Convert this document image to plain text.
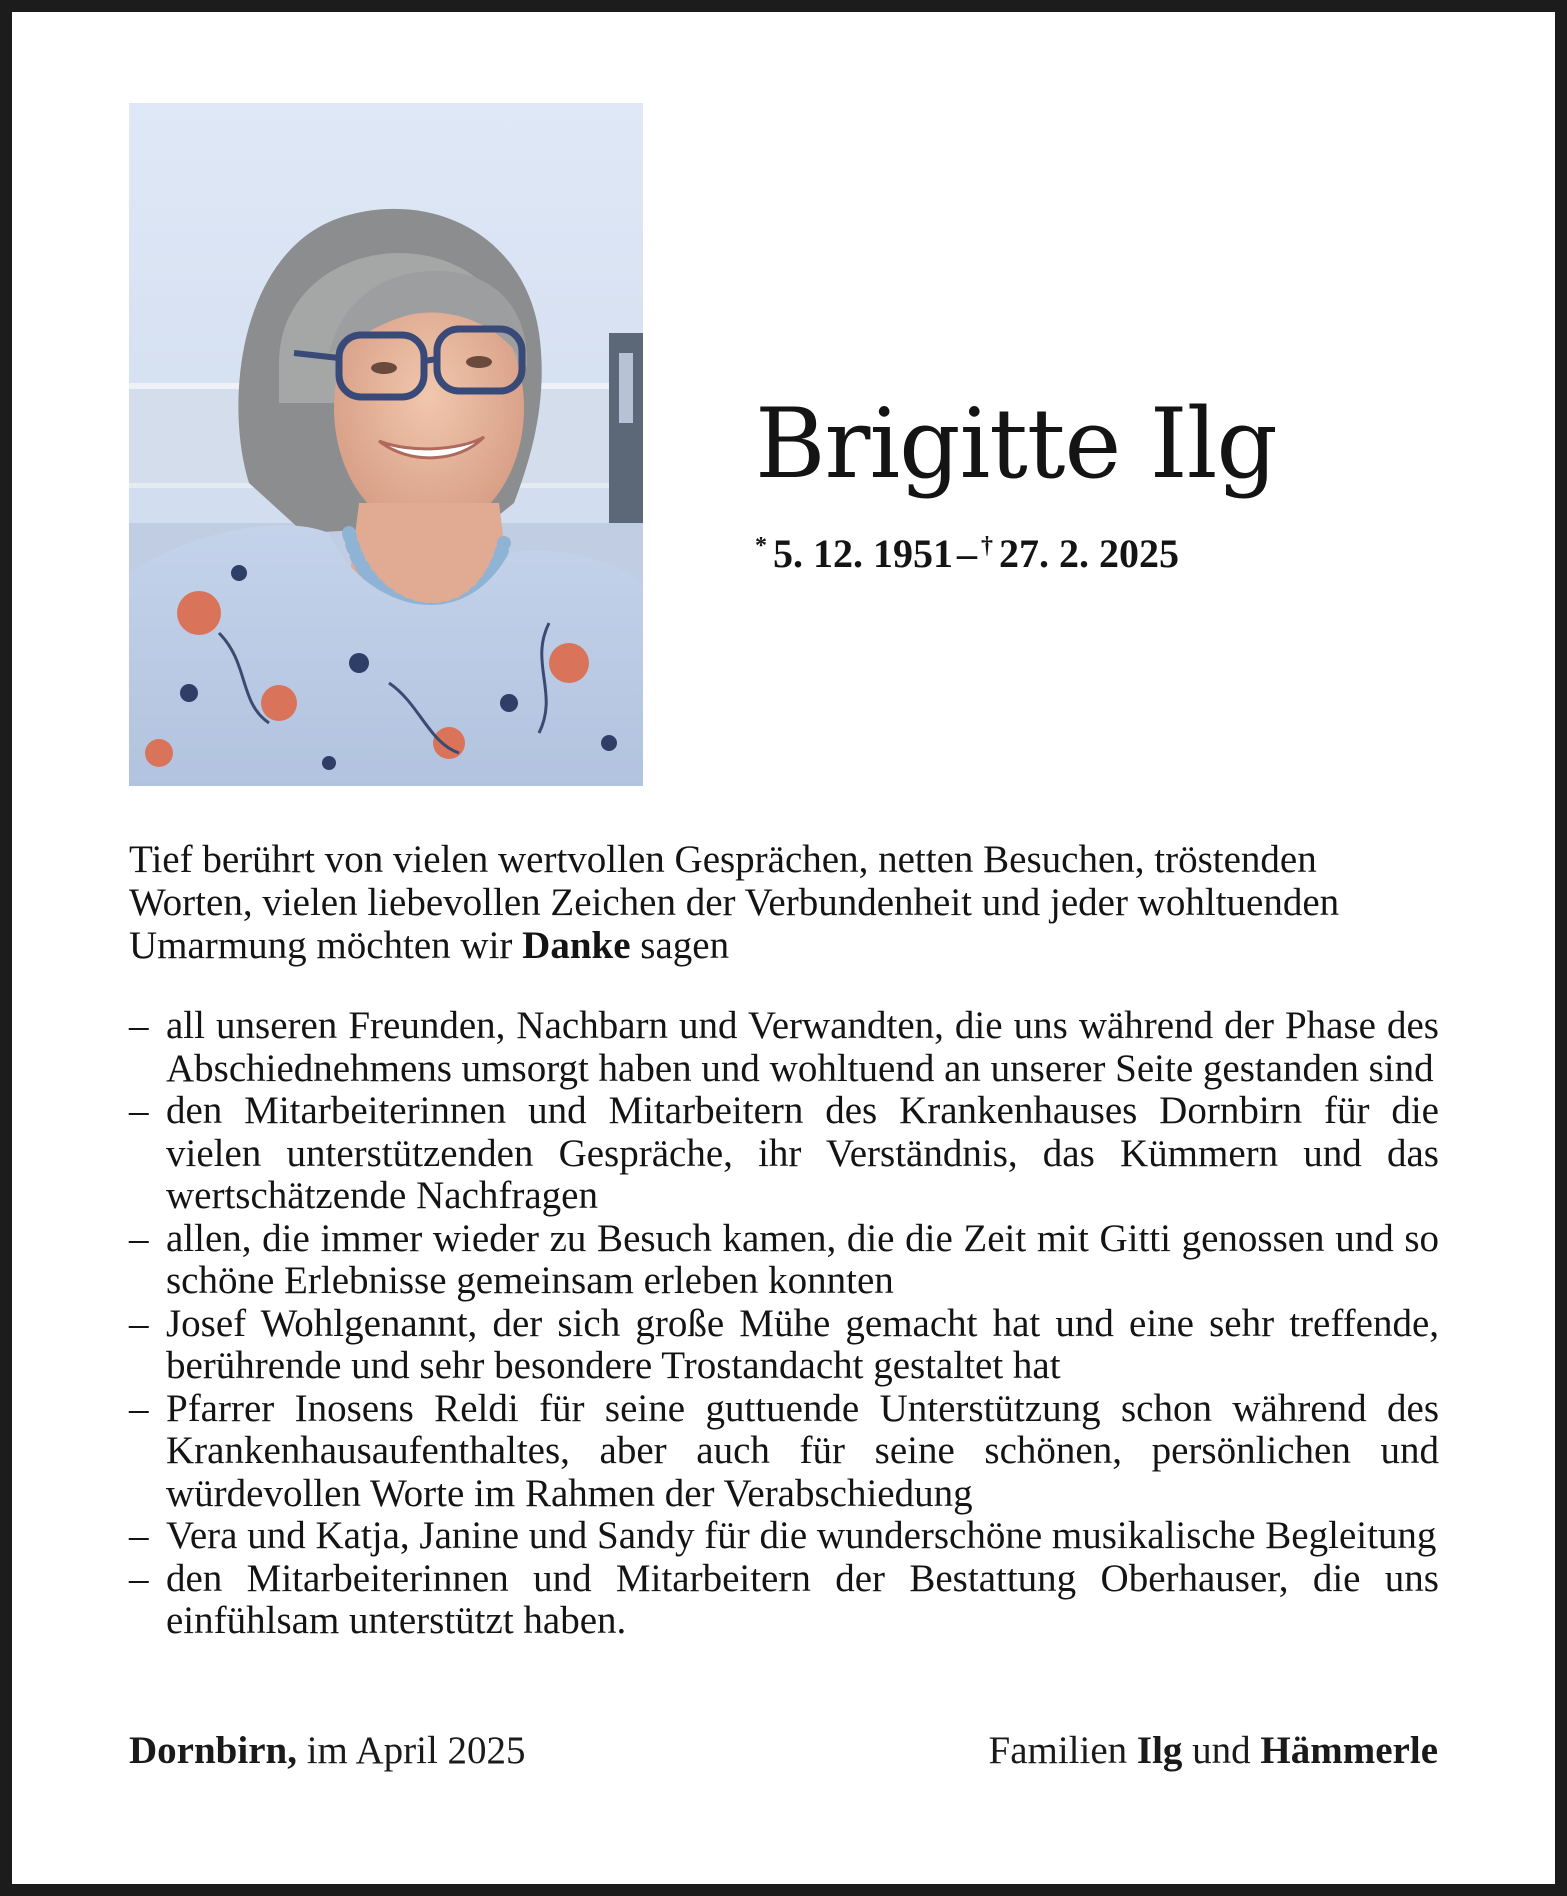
Brigitte Ilg
* 5. 12. 1951 – † 27. 2. 2025

Tief berührt von vielen wertvollen Gesprächen, netten Besuchen, tröstenden Worten, vielen liebevollen Zeichen der Verbundenheit und jeder wohltuenden Umarmung möchten wir Danke sagen

– all unseren Freunden, Nachbarn und Verwandten, die uns während der Phase des Abschiednehmens umsorgt haben und wohltuend an unserer Seite gestanden sind
– den Mitarbeiterinnen und Mitarbeitern des Krankenhauses Dornbirn für die vielen unterstützenden Gespräche, ihr Verständnis, das Kümmern und das wertschätzende Nachfragen
– allen, die immer wieder zu Besuch kamen, die die Zeit mit Gitti genossen und so schöne Erlebnisse gemeinsam erleben konnten
– Josef Wohlgenannt, der sich große Mühe gemacht hat und eine sehr treffende, berührende und sehr besondere Trostandacht gestaltet hat
– Pfarrer Inosens Reldi für seine guttuende Unterstützung schon während des Krankenhausaufenthaltes, aber auch für seine schönen, persönlichen und würdevollen Worte im Rahmen der Verabschiedung
– Vera und Katja, Janine und Sandy für die wunderschöne musikalische Begleitung
– den Mitarbeiterinnen und Mitarbeitern der Bestattung Oberhauser, die uns einfühlsam unterstützt haben.
Dornbirn, im April 2025	Familien Ilg und Hämmerle
